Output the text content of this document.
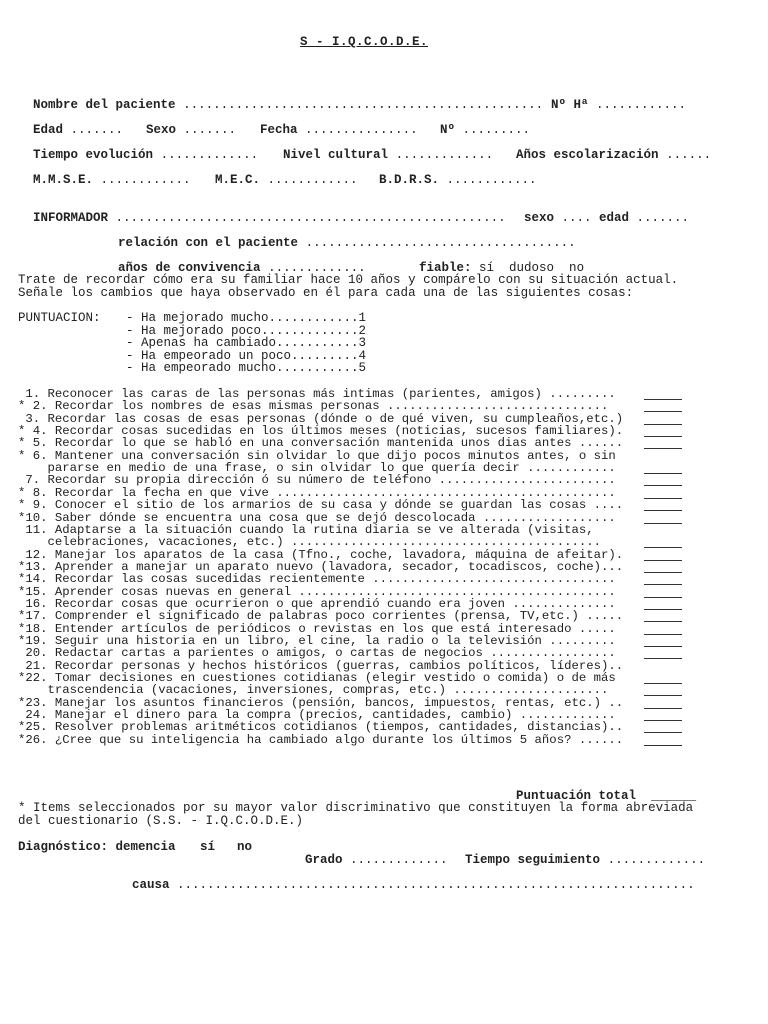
S - I.Q.C.O.D.E.

Nombre del paciente ................................................ Nº Hª ............

Edad .......	Sexo .......	Fecha ...............	Nº .........

Tiempo evolución .............	Nivel cultural .............	Años escolarización ......

M.M.S.E. ............	M.E.C. ............	B.D.R.S. ............

INFORMADOR ....................................................	sexo .... edad .......

relación con el paciente ....................................

años de convivencia .............	fiable: sí  dudoso  no

Trate de recordar cómo era su familiar hace 10 años y compárelo con su situación actual.
Señale los cambios que haya observado en él para cada una de las siguientes cosas:
PUNTUACION: - Ha mejorado mucho............1
- Ha mejorado poco.............2
- Apenas ha cambiado...........3
- Ha empeorado un poco.........4
- Ha empeorado mucho...........5
1. Reconocer las caras de las personas más intimas (parientes, amigos) .........
* 2. Recordar los nombres de esas mismas personas ..............................
3. Recordar las cosas de esas personas (dónde o de qué viven, su cumpleaños,etc.)
* 4. Recordar cosas sucedidas en los últimos meses (noticias, sucesos familiares).
* 5. Recordar lo que se habló en una conversación mantenida unos dias antes ......
* 6. Mantener una conversación sin olvidar lo que dijo pocos minutos antes, o sin
pararse en medio de una frase, o sin olvidar lo que quería decir ............
7. Recordar su propia dirección ó su número de teléfono ........................
* 8. Recordar la fecha en que vive ..............................................
* 9. Conocer el sitio de los armarios de su casa y dónde se guardan las cosas ....
*10. Saber dónde se encuentra una cosa que se dejó descolocada ..................
11. Adaptarse a la situación cuando la rutina diaria se ve alterada (visitas,
celebraciones, vacaciones, etc.) ..........................................
12. Manejar los aparatos de la casa (Tfno., coche, lavadora, máquina de afeitar).
*13. Aprender a manejar un aparato nuevo (lavadora, secador, tocadiscos, coche)...
*14. Recordar las cosas sucedidas recientemente .................................
*15. Aprender cosas nuevas en general ...........................................
16. Recordar cosas que ocurrieron o que aprendió cuando era joven ..............
*17. Comprender el significado de palabras poco corrientes (prensa, TV,etc.) .....
*18. Entender artículos de periódicos o revistas en los que está interesado .....
*19. Seguir una historia en un libro, el cine, la radio o la televisión .........
20. Redactar cartas a parientes o amigos, o cartas de negocios .................
21. Recordar personas y hechos históricos (guerras, cambios políticos, líderes)..
*22. Tomar decisiones en cuestiones cotidianas (elegir vestido o comida) o de más
trascendencia (vacaciones, inversiones, compras, etc.) .....................
*23. Manejar los asuntos financieros (pensión, bancos, impuestos, rentas, etc.) ..
24. Manejar el dinero para la compra (precios, cantidades, cambio) .............
*25. Resolver problemas aritméticos cotidianos (tiempos, cantidades, distancias)..
*26. ¿Cree que su inteligencia ha cambiado algo durante los últimos 5 años? ......

Puntuación total ______

* Items seleccionados por su mayor valor discriminativo que constituyen la forma abreviada
del cuestionario (S.S. - I.Q.C.O.D.E.)
Diagnóstico: demencia sí no

Grado .............	Tiempo seguimiento .............

causa .....................................................................
